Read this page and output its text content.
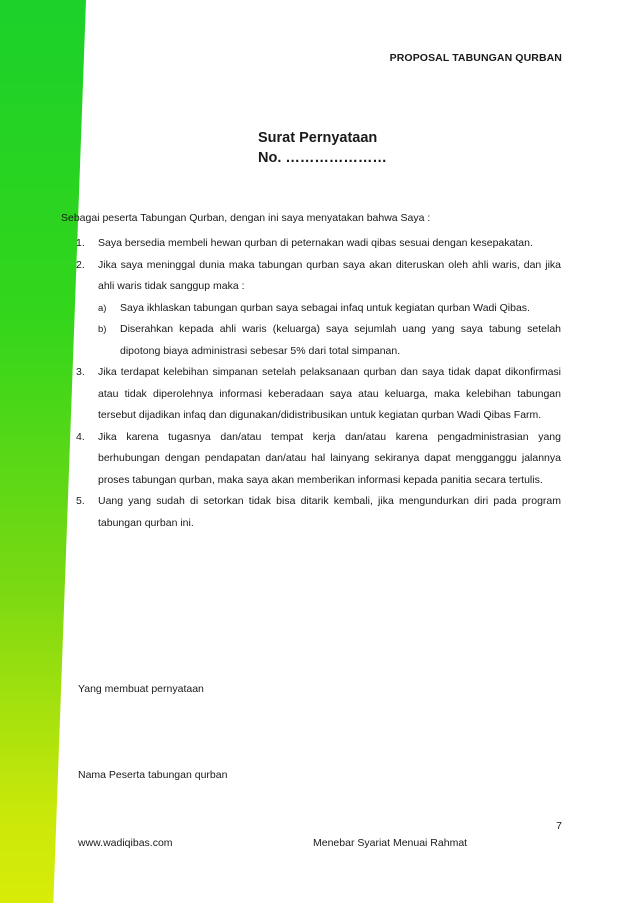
PROPOSAL TABUNGAN QURBAN
Surat Pernyataan
No. …………………
Sebagai peserta Tabungan Qurban, dengan ini saya menyatakan bahwa Saya :
1. Saya bersedia membeli hewan qurban di peternakan wadi qibas sesuai dengan kesepakatan.
2. Jika saya meninggal dunia maka tabungan qurban saya akan diteruskan oleh ahli waris, dan jika ahli waris tidak sanggup maka :
a) Saya ikhlaskan tabungan qurban saya sebagai infaq untuk kegiatan qurban Wadi Qibas.
b) Diserahkan kepada ahli waris (keluarga) saya sejumlah uang yang saya tabung setelah dipotong biaya administrasi sebesar 5% dari total simpanan.
3. Jika terdapat kelebihan simpanan setelah pelaksanaan qurban dan saya tidak dapat dikonfirmasi atau tidak diperolehnya informasi keberadaan saya atau keluarga, maka kelebihan tabungan tersebut dijadikan infaq dan digunakan/didistribusikan untuk kegiatan qurban Wadi Qibas Farm.
4. Jika karena tugasnya dan/atau tempat kerja dan/atau karena pengadministrasian yang berhubungan dengan pendapatan dan/atau hal lainyang sekiranya dapat mengganggu jalannya proses tabungan qurban, maka saya akan memberikan informasi kepada panitia secara tertulis.
5. Uang yang sudah di setorkan tidak bisa ditarik kembali, jika mengundurkan diri pada program tabungan qurban ini.
Yang membuat pernyataan
Nama Peserta tabungan qurban
7
www.wadiqibas.com	Menebar Syariat Menuai Rahmat
